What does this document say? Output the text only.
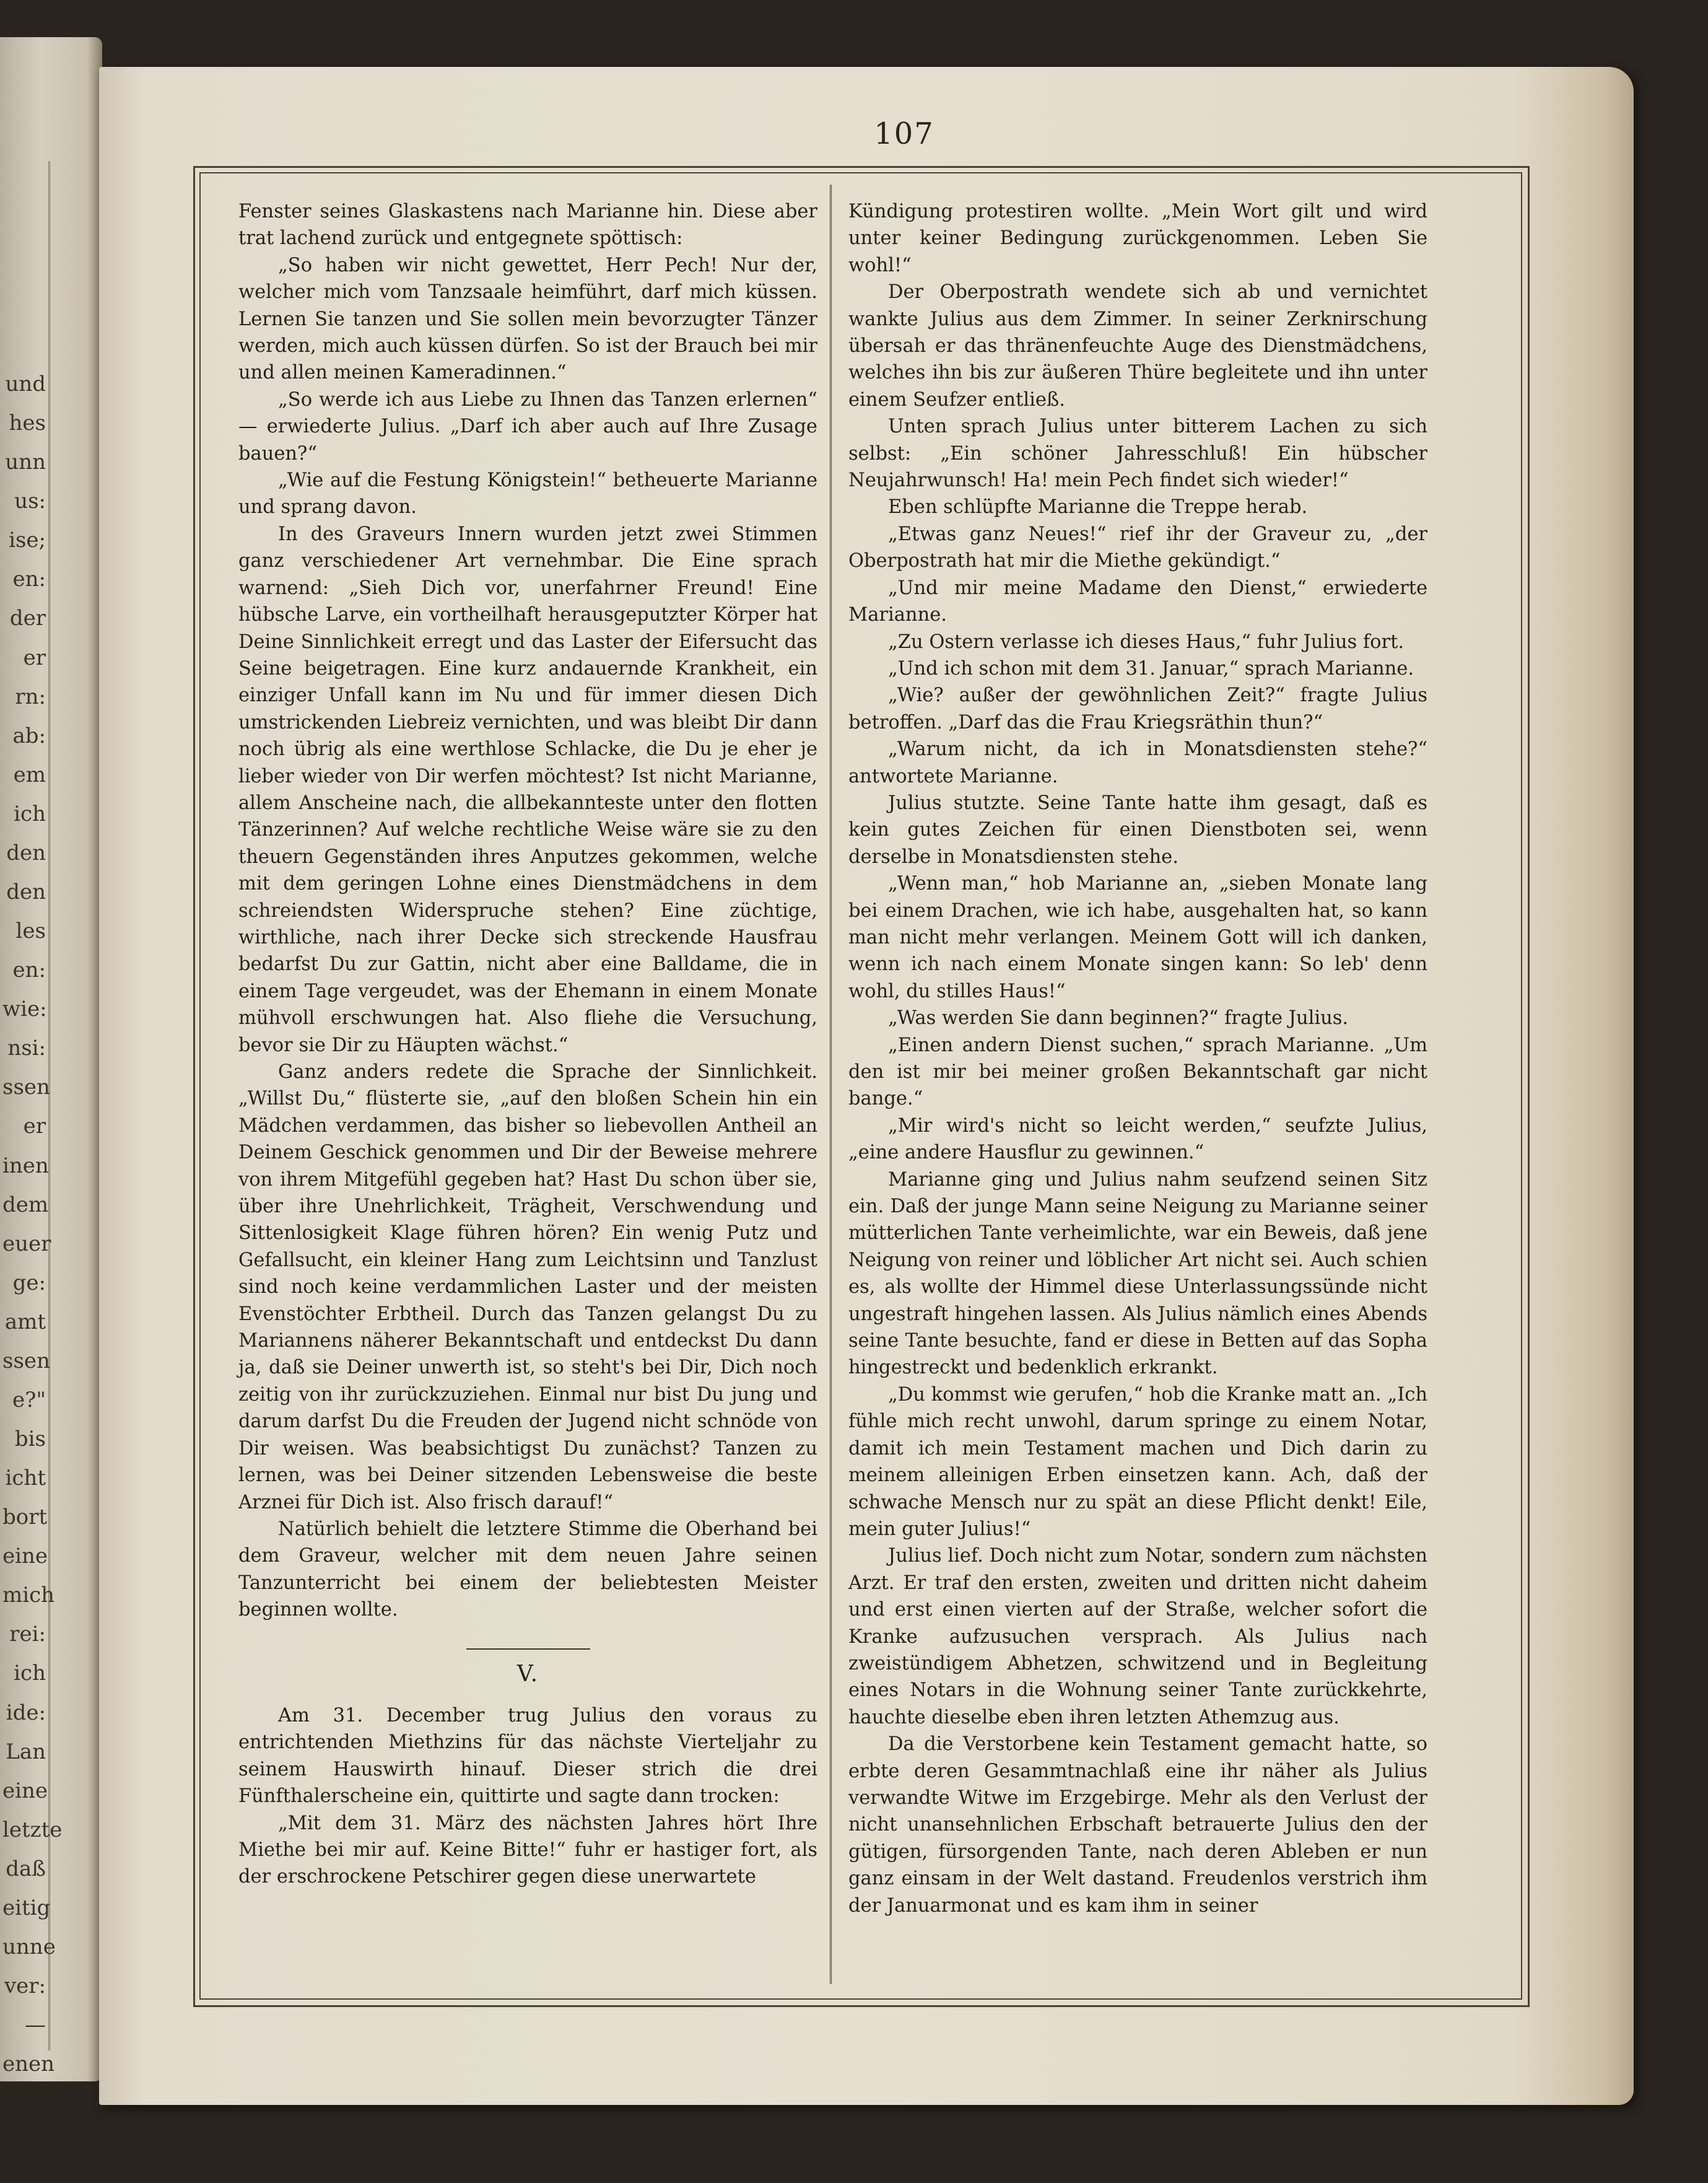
und
hes
unn
us:
ise;
en:
der
er
rn:
ab:
em
ich
den
den
les
en:
wie:
nsi:
ssen
er
inen
dem
euer
ge:
amt
ssen
e?"
bis
icht
bort
eine
mich
rei:
ich
ide:
Lan
eine
letzte
daß
eitig
unne
ver:
—
enen
107

Fenster seines Glaskastens nach Marianne hin. Diese aber trat lachend zurück und entgegnete spöttisch:

„So haben wir nicht gewettet, Herr Pech! Nur der, welcher mich vom Tanzsaale heimführt, darf mich küssen. Lernen Sie tanzen und Sie sollen mein bevorzugter Tänzer werden, mich auch küssen dürfen. So ist der Brauch bei mir und allen meinen Kameradinnen.“

„So werde ich aus Liebe zu Ihnen das Tanzen erlernen“ — erwiederte Julius. „Darf ich aber auch auf Ihre Zusage bauen?“

„Wie auf die Festung Königstein!“ betheuerte Marianne und sprang davon.

In des Graveurs Innern wurden jetzt zwei Stimmen ganz verschiedener Art vernehmbar. Die Eine sprach warnend: „Sieh Dich vor, unerfahrner Freund! Eine hübsche Larve, ein vortheilhaft herausgeputzter Körper hat Deine Sinnlichkeit erregt und das Laster der Eifersucht das Seine beigetragen. Eine kurz andauernde Krankheit, ein einziger Unfall kann im Nu und für immer diesen Dich umstrickenden Liebreiz vernichten, und was bleibt Dir dann noch übrig als eine werthlose Schlacke, die Du je eher je lieber wieder von Dir werfen möchtest? Ist nicht Marianne, allem Anscheine nach, die allbekannteste unter den flotten Tänzerinnen? Auf welche rechtliche Weise wäre sie zu den theuern Gegenständen ihres Anputzes gekommen, welche mit dem geringen Lohne eines Dienstmädchens in dem schreiendsten Widerspruche stehen? Eine züchtige, wirthliche, nach ihrer Decke sich streckende Hausfrau bedarfst Du zur Gattin, nicht aber eine Balldame, die in einem Tage vergeudet, was der Ehemann in einem Monate mühvoll erschwungen hat. Also fliehe die Versuchung, bevor sie Dir zu Häupten wächst.“

Ganz anders redete die Sprache der Sinnlichkeit. „Willst Du,“ flüsterte sie, „auf den bloßen Schein hin ein Mädchen verdammen, das bisher so liebevollen Antheil an Deinem Geschick genommen und Dir der Beweise mehrere von ihrem Mitgefühl gegeben hat? Hast Du schon über sie, über ihre Unehrlichkeit, Trägheit, Verschwendung und Sittenlosigkeit Klage führen hören? Ein wenig Putz und Gefallsucht, ein kleiner Hang zum Leichtsinn und Tanzlust sind noch keine verdammlichen Laster und der meisten Evenstöchter Erbtheil. Durch das Tanzen gelangst Du zu Mariannens näherer Bekanntschaft und entdeckst Du dann ja, daß sie Deiner unwerth ist, so steht's bei Dir, Dich noch zeitig von ihr zurückzuziehen. Einmal nur bist Du jung und darum darfst Du die Freuden der Jugend nicht schnöde von Dir weisen. Was beabsichtigst Du zunächst? Tanzen zu lernen, was bei Deiner sitzenden Lebensweise die beste Arznei für Dich ist. Also frisch darauf!“

Natürlich behielt die letztere Stimme die Oberhand bei dem Graveur, welcher mit dem neuen Jahre seinen Tanzunterricht bei einem der beliebtesten Meister beginnen wollte.

V.

Am 31. December trug Julius den voraus zu entrichtenden Miethzins für das nächste Vierteljahr zu seinem Hauswirth hinauf. Dieser strich die drei Fünfthalerscheine ein, quittirte und sagte dann trocken:

„Mit dem 31. März des nächsten Jahres hört Ihre Miethe bei mir auf. Keine Bitte!“ fuhr er hastiger fort, als der erschrockene Petschirer gegen diese unerwartete

Kündigung protestiren wollte. „Mein Wort gilt und wird unter keiner Bedingung zurückgenommen. Leben Sie wohl!“

Der Oberpostrath wendete sich ab und vernichtet wankte Julius aus dem Zimmer. In seiner Zerknirschung übersah er das thränenfeuchte Auge des Dienstmädchens, welches ihn bis zur äußeren Thüre begleitete und ihn unter einem Seufzer entließ.

Unten sprach Julius unter bitterem Lachen zu sich selbst: „Ein schöner Jahresschluß! Ein hübscher Neujahrwunsch! Ha! mein Pech findet sich wieder!“

Eben schlüpfte Marianne die Treppe herab.

„Etwas ganz Neues!“ rief ihr der Graveur zu, „der Oberpostrath hat mir die Miethe gekündigt.“

„Und mir meine Madame den Dienst,“ erwiederte Marianne.

„Zu Ostern verlasse ich dieses Haus,“ fuhr Julius fort.

„Und ich schon mit dem 31. Januar,“ sprach Marianne.

„Wie? außer der gewöhnlichen Zeit?“ fragte Julius betroffen. „Darf das die Frau Kriegsräthin thun?“

„Warum nicht, da ich in Monatsdiensten stehe?“ antwortete Marianne.

Julius stutzte. Seine Tante hatte ihm gesagt, daß es kein gutes Zeichen für einen Dienstboten sei, wenn derselbe in Monatsdiensten stehe.

„Wenn man,“ hob Marianne an, „sieben Monate lang bei einem Drachen, wie ich habe, ausgehalten hat, so kann man nicht mehr verlangen. Meinem Gott will ich danken, wenn ich nach einem Monate singen kann: So leb' denn wohl, du stilles Haus!“

„Was werden Sie dann beginnen?“ fragte Julius.

„Einen andern Dienst suchen,“ sprach Marianne. „Um den ist mir bei meiner großen Bekanntschaft gar nicht bange.“

„Mir wird's nicht so leicht werden,“ seufzte Julius, „eine andere Hausflur zu gewinnen.“

Marianne ging und Julius nahm seufzend seinen Sitz ein. Daß der junge Mann seine Neigung zu Marianne seiner mütterlichen Tante verheimlichte, war ein Beweis, daß jene Neigung von reiner und löblicher Art nicht sei. Auch schien es, als wollte der Himmel diese Unterlassungssünde nicht ungestraft hingehen lassen. Als Julius nämlich eines Abends seine Tante besuchte, fand er diese in Betten auf das Sopha hingestreckt und bedenklich erkrankt.

„Du kommst wie gerufen,“ hob die Kranke matt an. „Ich fühle mich recht unwohl, darum springe zu einem Notar, damit ich mein Testament machen und Dich darin zu meinem alleinigen Erben einsetzen kann. Ach, daß der schwache Mensch nur zu spät an diese Pflicht denkt! Eile, mein guter Julius!“

Julius lief. Doch nicht zum Notar, sondern zum nächsten Arzt. Er traf den ersten, zweiten und dritten nicht daheim und erst einen vierten auf der Straße, welcher sofort die Kranke aufzusuchen versprach. Als Julius nach zweistündigem Abhetzen, schwitzend und in Begleitung eines Notars in die Wohnung seiner Tante zurückkehrte, hauchte dieselbe eben ihren letzten Athemzug aus.

Da die Verstorbene kein Testament gemacht hatte, so erbte deren Gesammtnachlaß eine ihr näher als Julius verwandte Witwe im Erzgebirge. Mehr als den Verlust der nicht unansehnlichen Erbschaft betrauerte Julius den der gütigen, fürsorgenden Tante, nach deren Ableben er nun ganz einsam in der Welt dastand. Freudenlos verstrich ihm der Januarmonat und es kam ihm in seiner
